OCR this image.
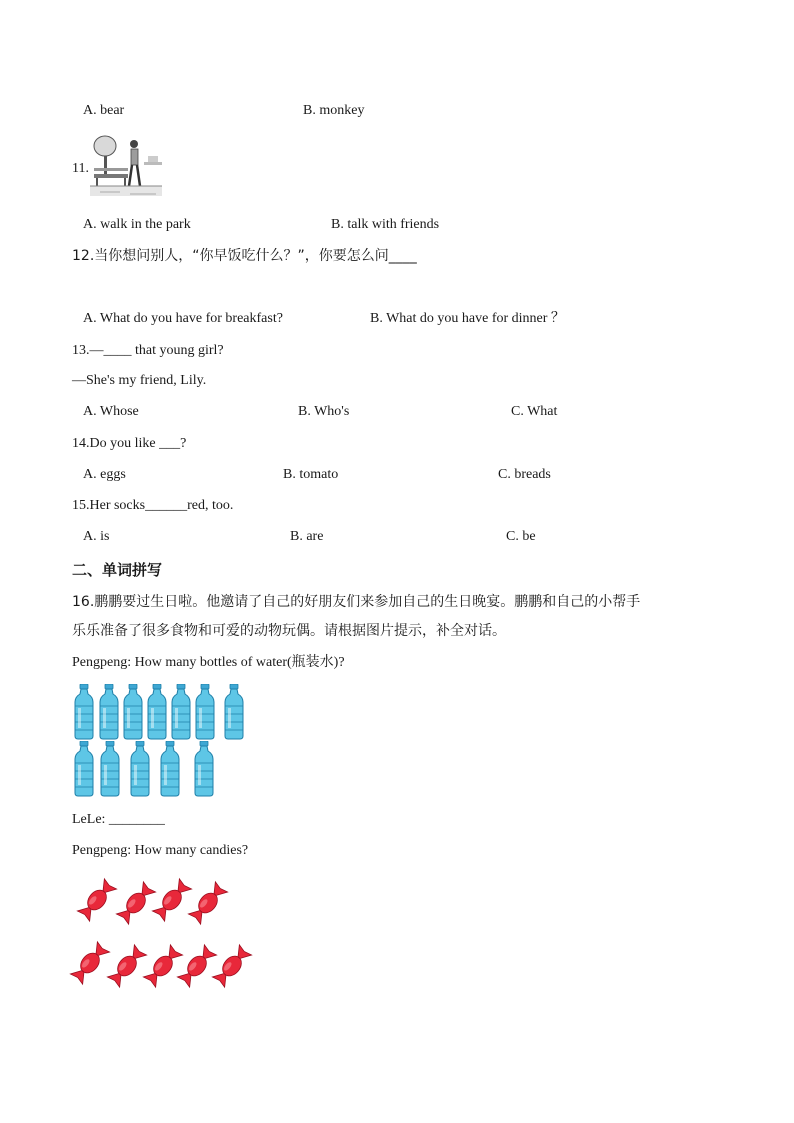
A. bear	B. monkey
11.
A. walk in the park	B. talk with friends
12.当你想问别人，“你早饭吃什么？”，你要怎么问____
A. What do you have for breakfast?	B. What do you have for dinner ？
13.—____ that young girl?
—She's my friend, Lily.
A. Whose	B. Who's	C. What
14.Do you like ___?
A. eggs	B. tomato	C. breads
15.Her socks______red, too.
A. is	B. are	C. be
二、单词拼写
16.鹏鹏要过生日啦。他邀请了自己的好朋友们来参加自己的生日晚宴。鹏鹏和自己的小帮手
乐乐准备了很多食物和可爱的动物玩偶。请根据图片提示，补全对话。
Pengpeng: How many bottles of water(瓶装水)?
LeLe: ________
Pengpeng: How many candies?
